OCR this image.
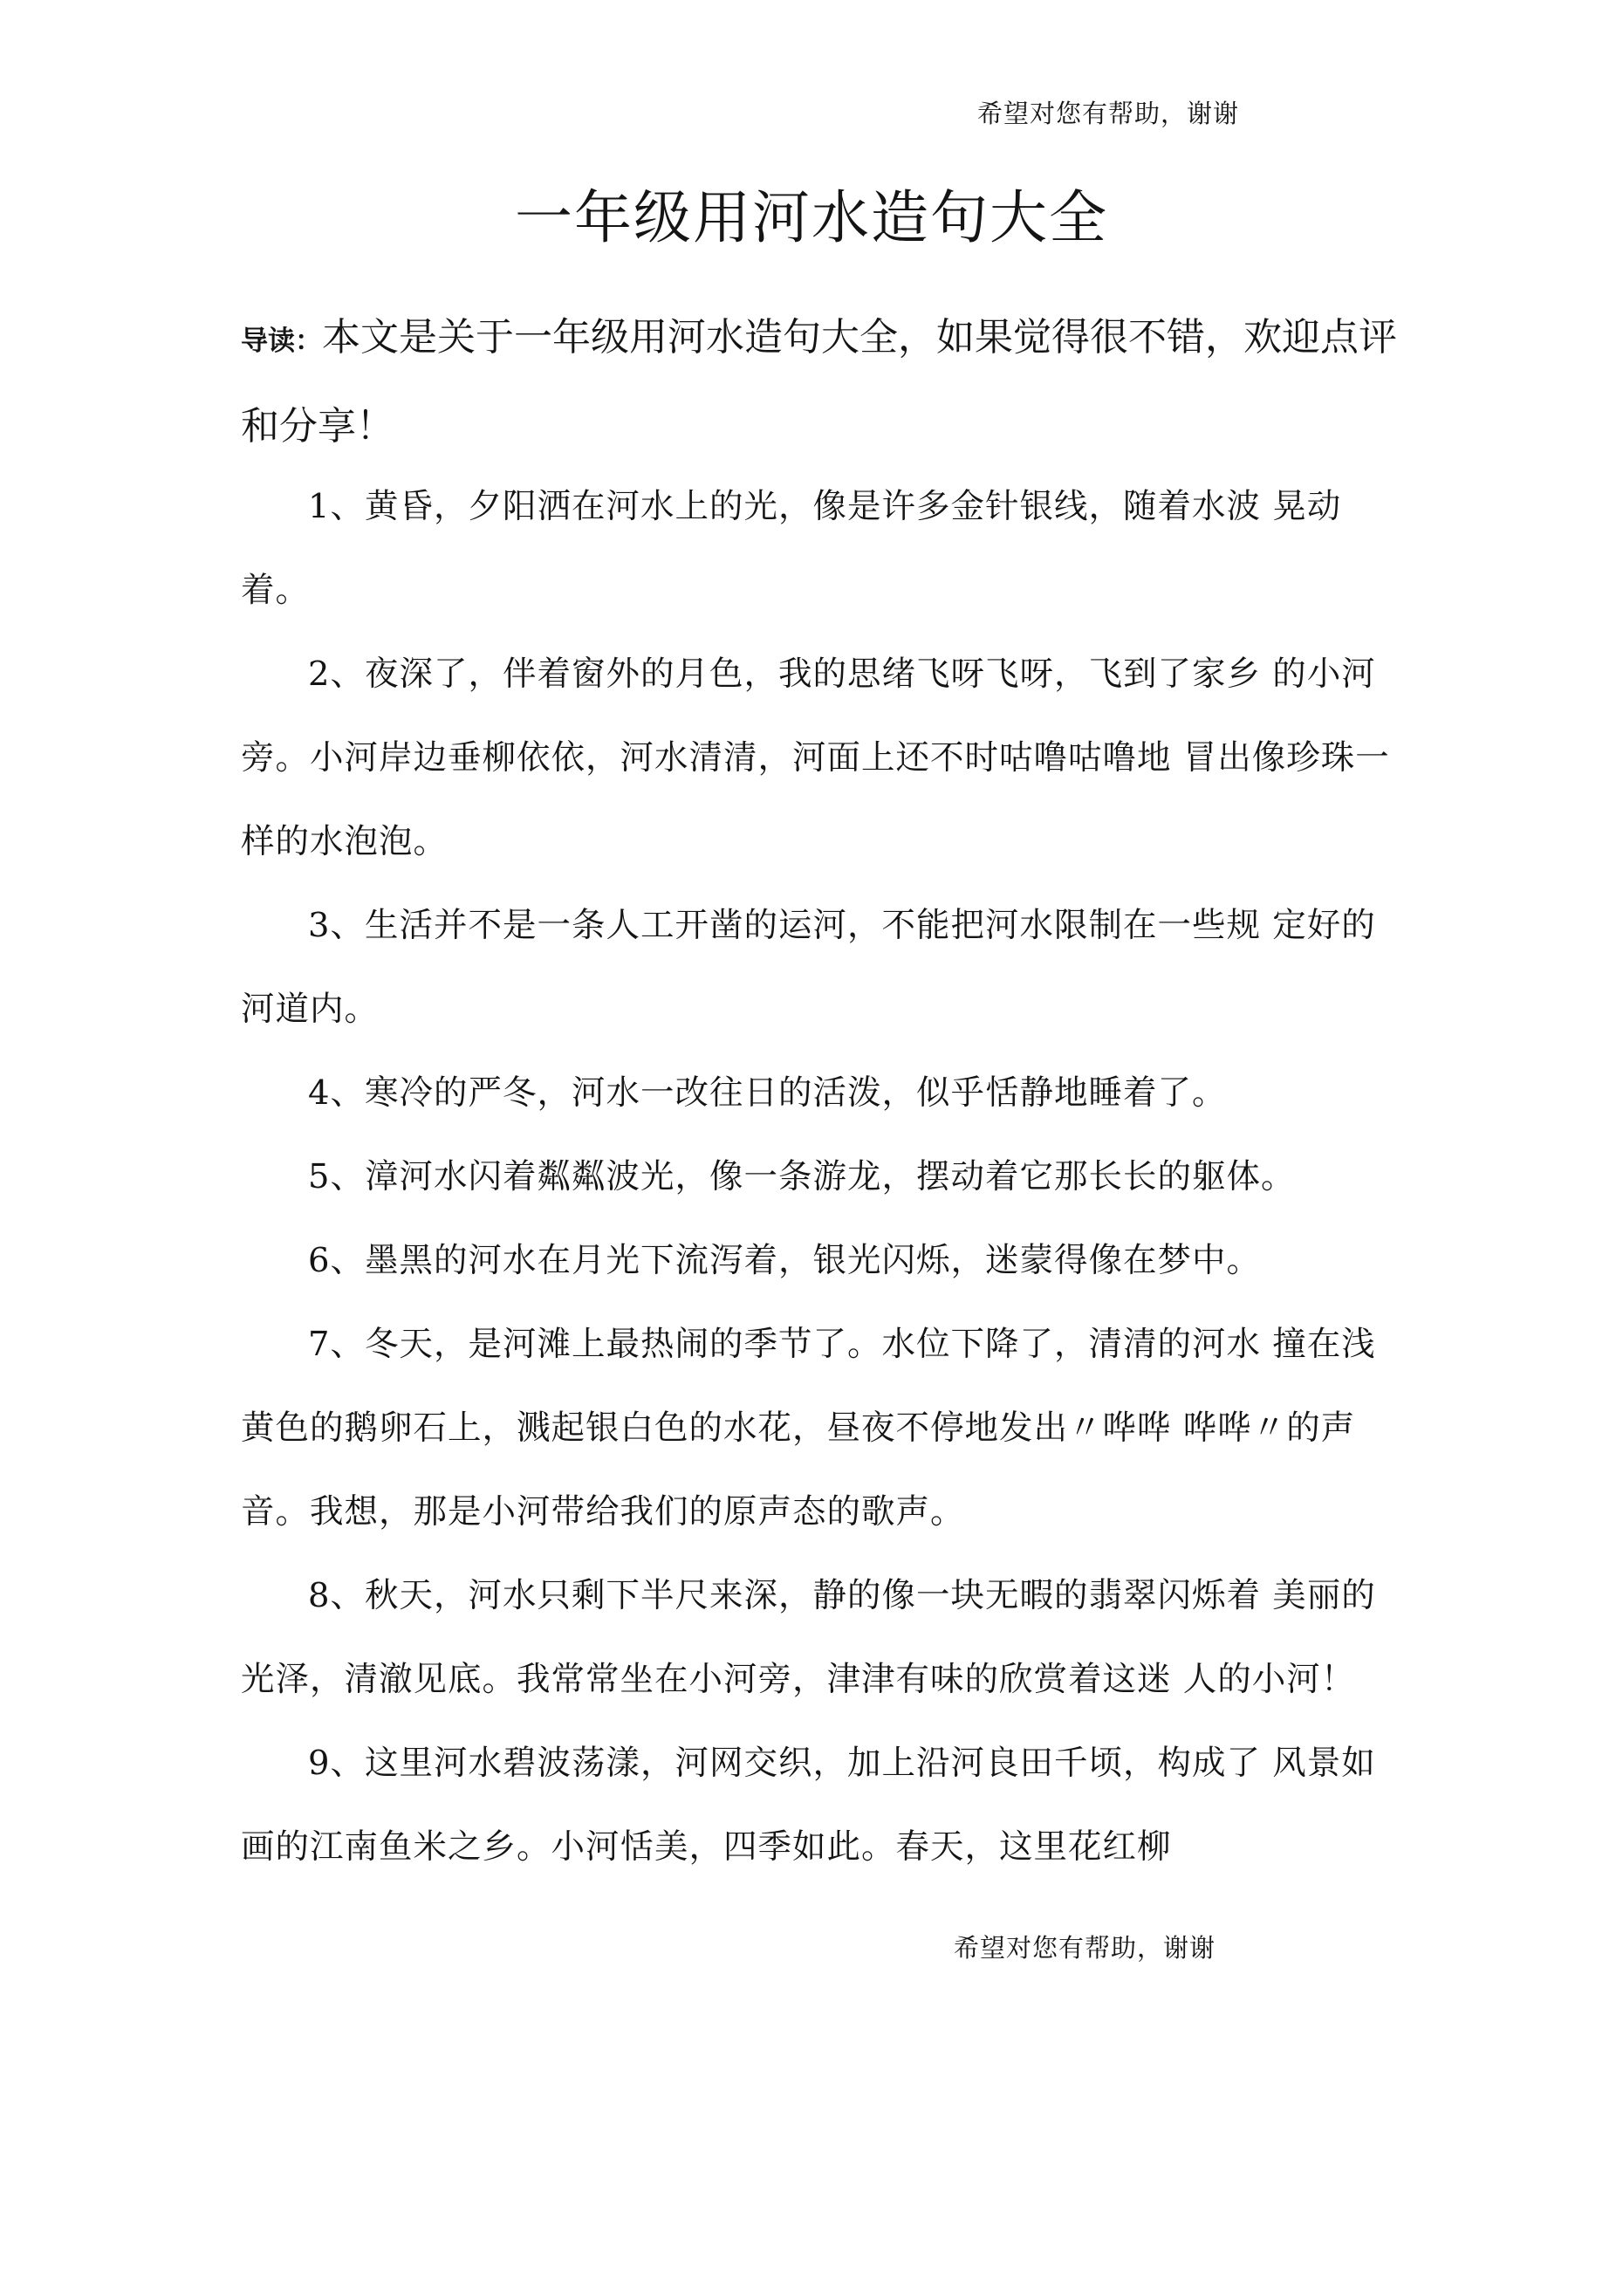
希望对您有帮助，谢谢
一年级用河水造句大全

导读：本文是关于一年级用河水造句大全，如果觉得很不错，欢迎点评和分享！

1、黄昏，夕阳洒在河水上的光，像是许多金针银线，随着水波 晃动着。

2、夜深了，伴着窗外的月色，我的思绪飞呀飞呀，飞到了家乡 的小河旁。小河岸边垂柳依依，河水清清，河面上还不时咕噜咕噜地 冒出像珍珠一样的水泡泡。

3、生活并不是一条人工开凿的运河，不能把河水限制在一些规 定好的河道内。

4、寒冷的严冬，河水一改往日的活泼，似乎恬静地睡着了。

5、漳河水闪着粼粼波光，像一条游龙，摆动着它那长长的躯体。

6、墨黑的河水在月光下流泻着，银光闪烁，迷蒙得像在梦中。

7、冬天，是河滩上最热闹的季节了。水位下降了，清清的河水 撞在浅黄色的鹅卵石上，溅起银白色的水花，昼夜不停地发出〃哗哗 哗哗〃的声音。我想，那是小河带给我们的原声态的歌声。

8、秋天，河水只剩下半尺来深，静的像一块无暇的翡翠闪烁着 美丽的光泽，清澈见底。我常常坐在小河旁，津津有味的欣赏着这迷 人的小河！

9、这里河水碧波荡漾，河网交织，加上沿河良田千顷，构成了 风景如画的江南鱼米之乡。小河恬美，四季如此。春天，这里花红柳

希望对您有帮助，谢谢
